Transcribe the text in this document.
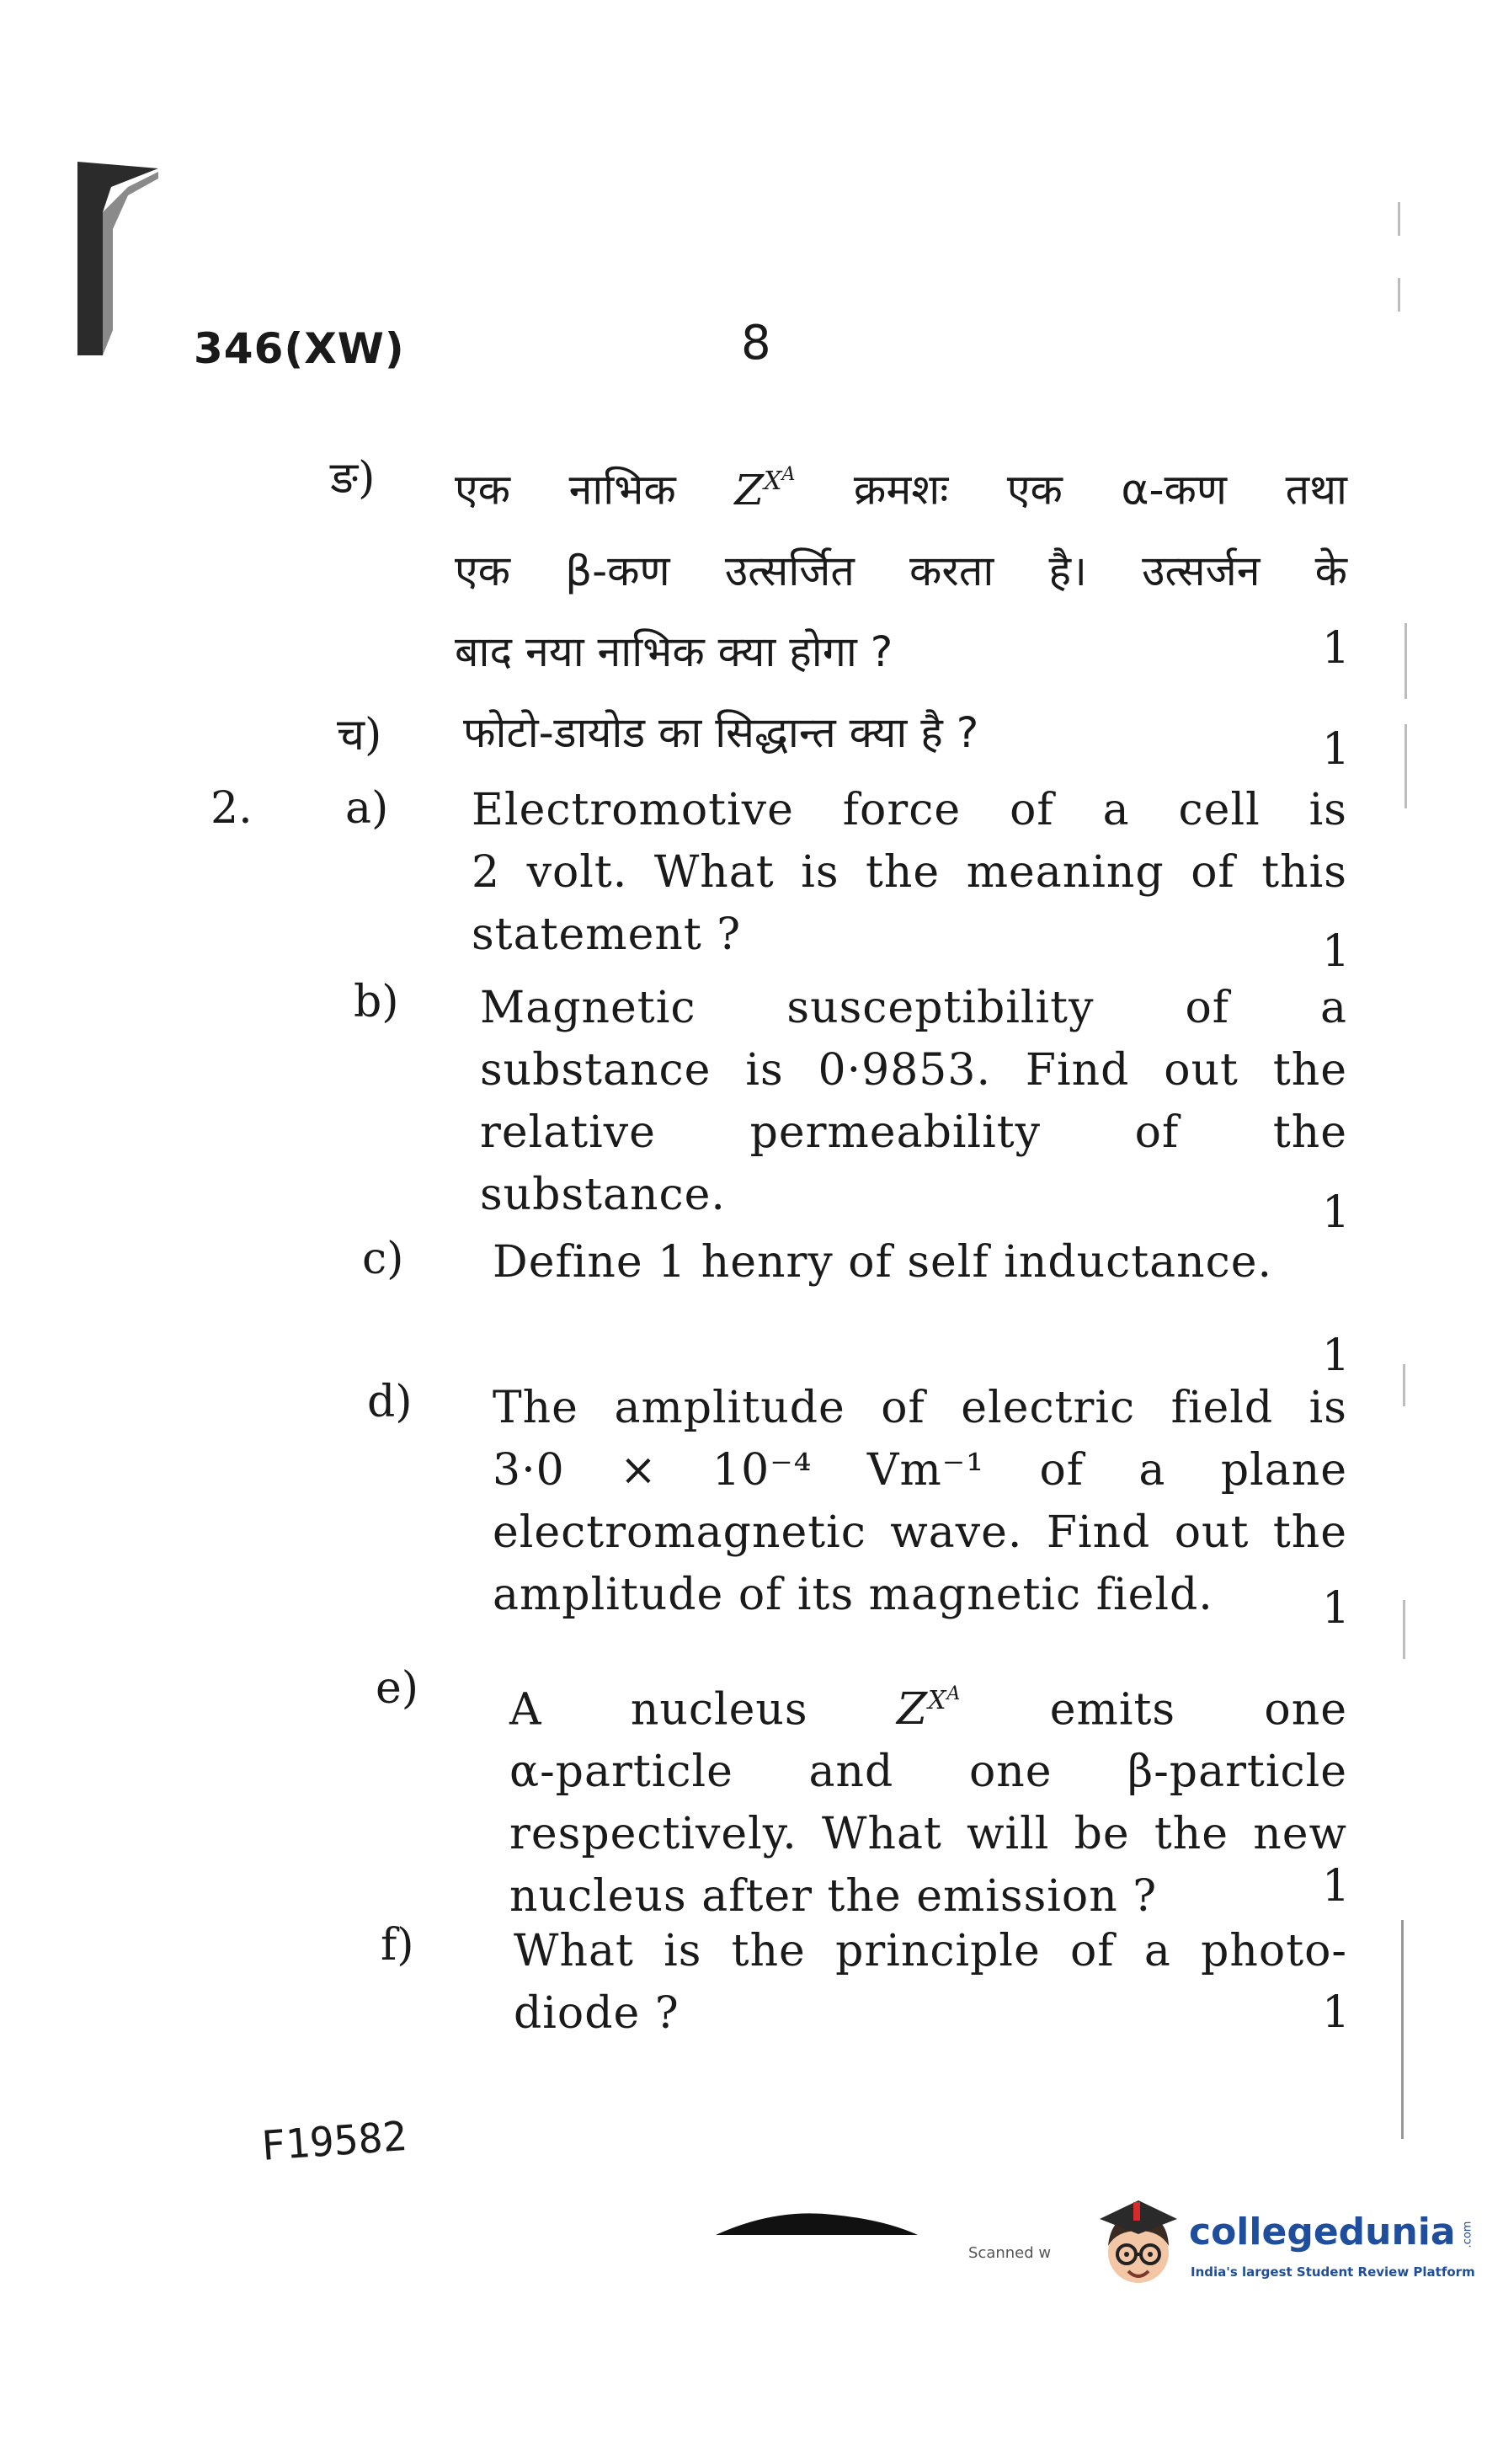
346(XW)	8
ङ) एक नाभिक $Z^{X^A}$ क्रमशः एक α-कण तथा
एक β-कण उत्सर्जित करता है। उत्सर्जन के
बाद नया नाभिक क्या होगा ?	1
च) फोटो-डायोड का सिद्धान्त क्या है ?	1
2. a) Electromotive force of a cell is
2 volt. What is the meaning of this
statement ?	1
b) Magnetic susceptibility of a
substance is 0·9853. Find out the
relative permeability of the
substance.	1
c) Define 1 henry of self inductance.
1
d) The amplitude of electric field is
3·0 × 10⁻⁴ Vm⁻¹ of a plane
electromagnetic wave. Find out the
amplitude of its magnetic field.	1
e) A nucleus $Z^{X^A}$ emits one
α-particle and one β-particle
respectively. What will be the new
nucleus after the emission ?	1
f) What is the principle of a photo-
diode ?	1
F19582
Scanned w	collegedunia .com
India's largest Student Review Platform
